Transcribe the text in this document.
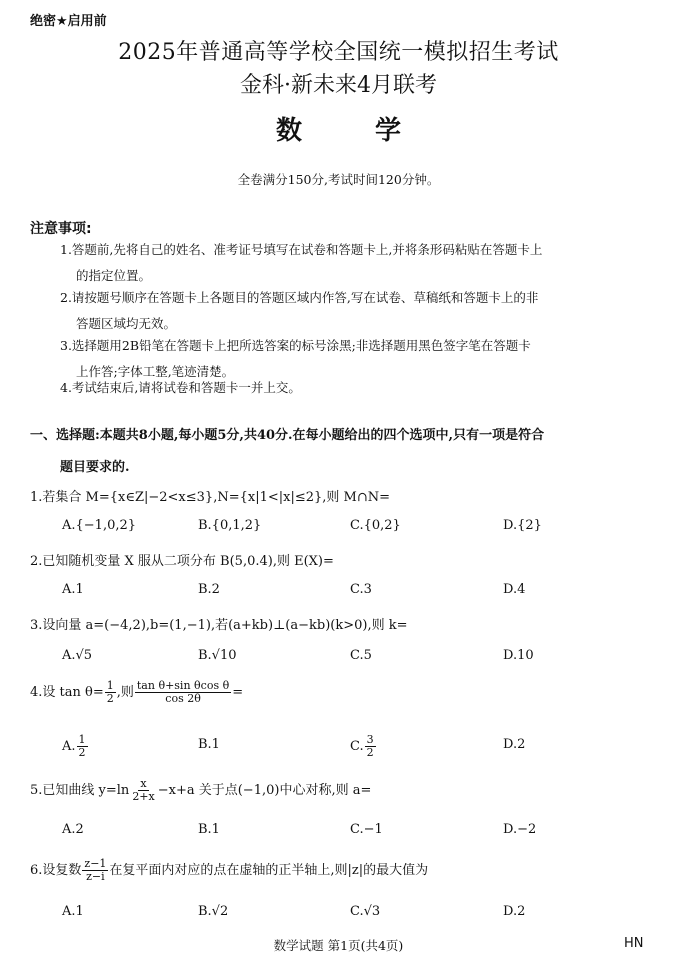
绝密★启用前
2025年普通高等学校全国统一模拟招生考试
金科·新未来4月联考
数 学
全卷满分150分,考试时间120分钟。
注意事项:
1.答题前,先将自己的姓名、准考证号填写在试卷和答题卡上,并将条形码粘贴在答题卡上
的指定位置。
2.请按题号顺序在答题卡上各题目的答题区域内作答,写在试卷、草稿纸和答题卡上的非
答题区域均无效。
3.选择题用2B铅笔在答题卡上把所选答案的标号涂黑;非选择题用黑色签字笔在答题卡
上作答;字体工整,笔迹清楚。
4.考试结束后,请将试卷和答题卡一并上交。
一、选择题:本题共8小题,每小题5分,共40分.在每小题给出的四个选项中,只有一项是符合
题目要求的.
1.若集合 M={x∈Z|−2<x≤3},N={x|1<|x|≤2},则 M∩N=
A.{−1,0,2}	B.{0,1,2}	C.{0,2}	D.{2}
2.已知随机变量 X 服从二项分布 B(5,0.4),则 E(X)=
A.1	B.2	C.3	D.4
3.设向量 a=(−4,2),b=(1,−1),若(a+kb)⊥(a−kb)(k>0),则 k=
A.√5	B.√10	C.5	D.10
4.设 $\tan \theta= \frac{1}{2}$ ,则 $\frac{\text{tan θ+sin θcos θ}}{\cos 2\theta}$ =
A. $\frac{1}{2}$	B.1	C. $\frac{3}{2}$	D.2
5.已知曲线 $y=\ln \frac{x}{2+x} -x+a$ 关于点(−1,0)中心对称,则 a=
A.2	B.1	C.−1	D.−2
6.设复数 $\frac{z-1}{z-i}$ 在复平面内对应的点在虚轴的正半轴上,则|z|的最大值为
A.1	B.√2	C.√3	D.2
数学试题 第1页(共4页)	HN
